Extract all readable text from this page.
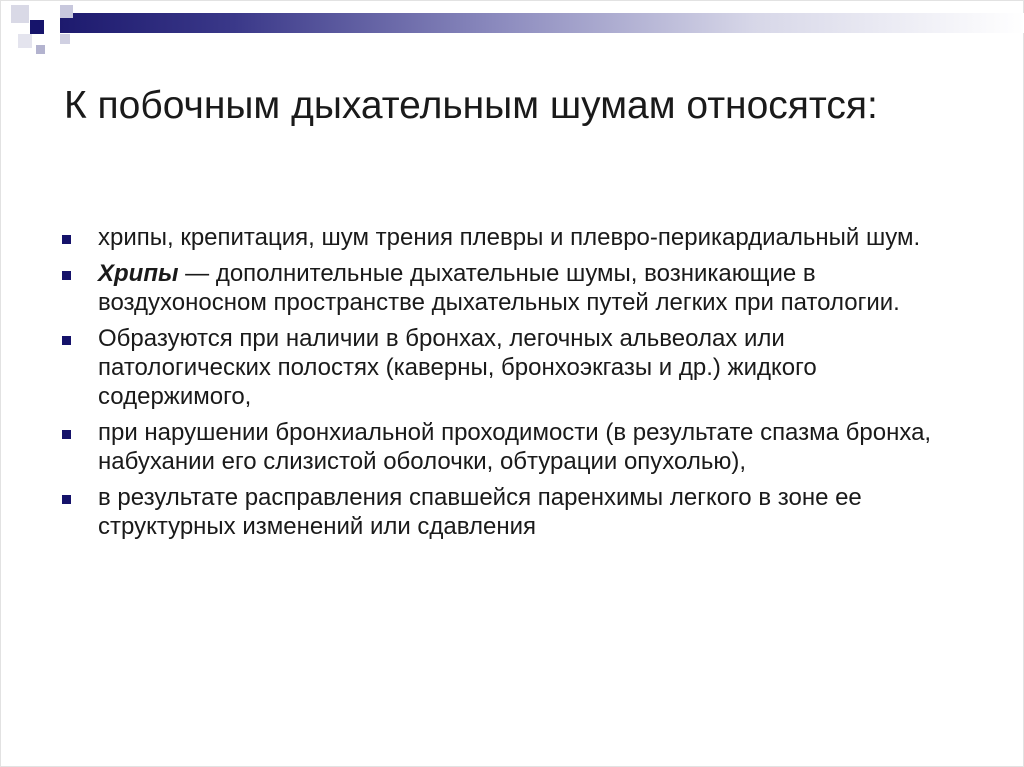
К побочным дыхательным шумам относятся:
хрипы, крепитация, шум трения плевры и плевро-перикардиальный шум.
Хрипы — дополнительные дыхательные шумы, возникающие в воздухоносном пространстве дыхательных путей легких при патологии.
Образуются при наличии в бронхах, легочных альвеолах или патологических полостях (каверны, бронхоэкгазы и др.) жидкого содержимого,
при нарушении бронхиальной проходимости (в результате спазма бронха, набухании его слизистой оболочки, обтурации опухолью),
в результате расправления спавшейся паренхимы легкого в зоне ее структурных изменений или сдавления
